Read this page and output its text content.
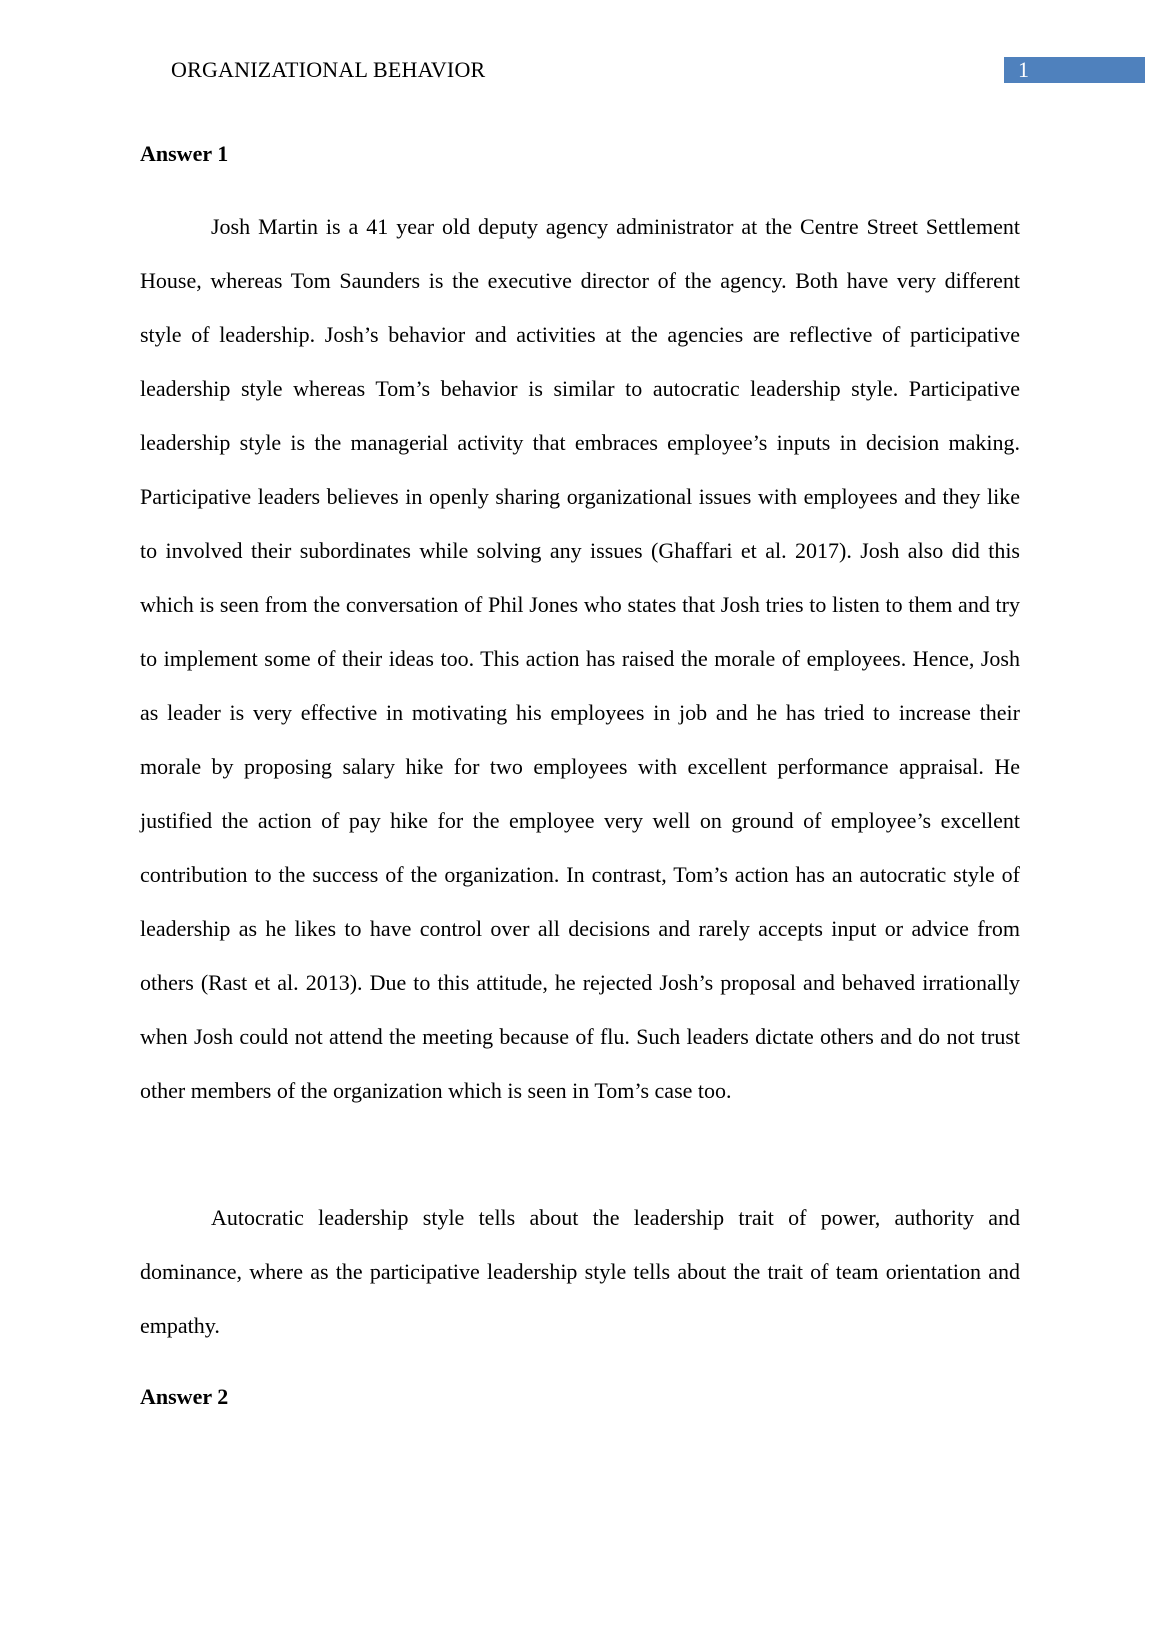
ORGANIZATIONAL BEHAVIOR	1
Answer 1

Josh Martin is a 41 year old deputy agency administrator at the Centre Street Settlement House, whereas Tom Saunders is the executive director of the agency. Both have very different style of leadership. Josh’s behavior and activities at the agencies are reflective of participative leadership style whereas Tom’s behavior is similar to autocratic leadership style. Participative leadership style is the managerial activity that embraces employee’s inputs in decision making. Participative leaders believes in openly sharing organizational issues with employees and they like to involved their subordinates while solving any issues (Ghaffari et al. 2017). Josh also did this which is seen from the conversation of Phil Jones who states that Josh tries to listen to them and try to implement some of their ideas too. This action has raised the morale of employees. Hence, Josh as leader is very effective in motivating his employees in job and he has tried to increase their morale by proposing salary hike for two employees with excellent performance appraisal. He justified the action of pay hike for the employee very well on ground of employee’s excellent contribution to the success of the organization. In contrast, Tom’s action has an autocratic style of leadership as he likes to have control over all decisions and rarely accepts input or advice from others (Rast et al. 2013). Due to this attitude, he rejected Josh’s proposal and behaved irrationally when Josh could not attend the meeting because of flu. Such leaders dictate others and do not trust other members of the organization which is seen in Tom’s case too.

Autocratic leadership style tells about the leadership trait of power, authority and dominance, where as the participative leadership style tells about the trait of team orientation and empathy.

Answer 2
